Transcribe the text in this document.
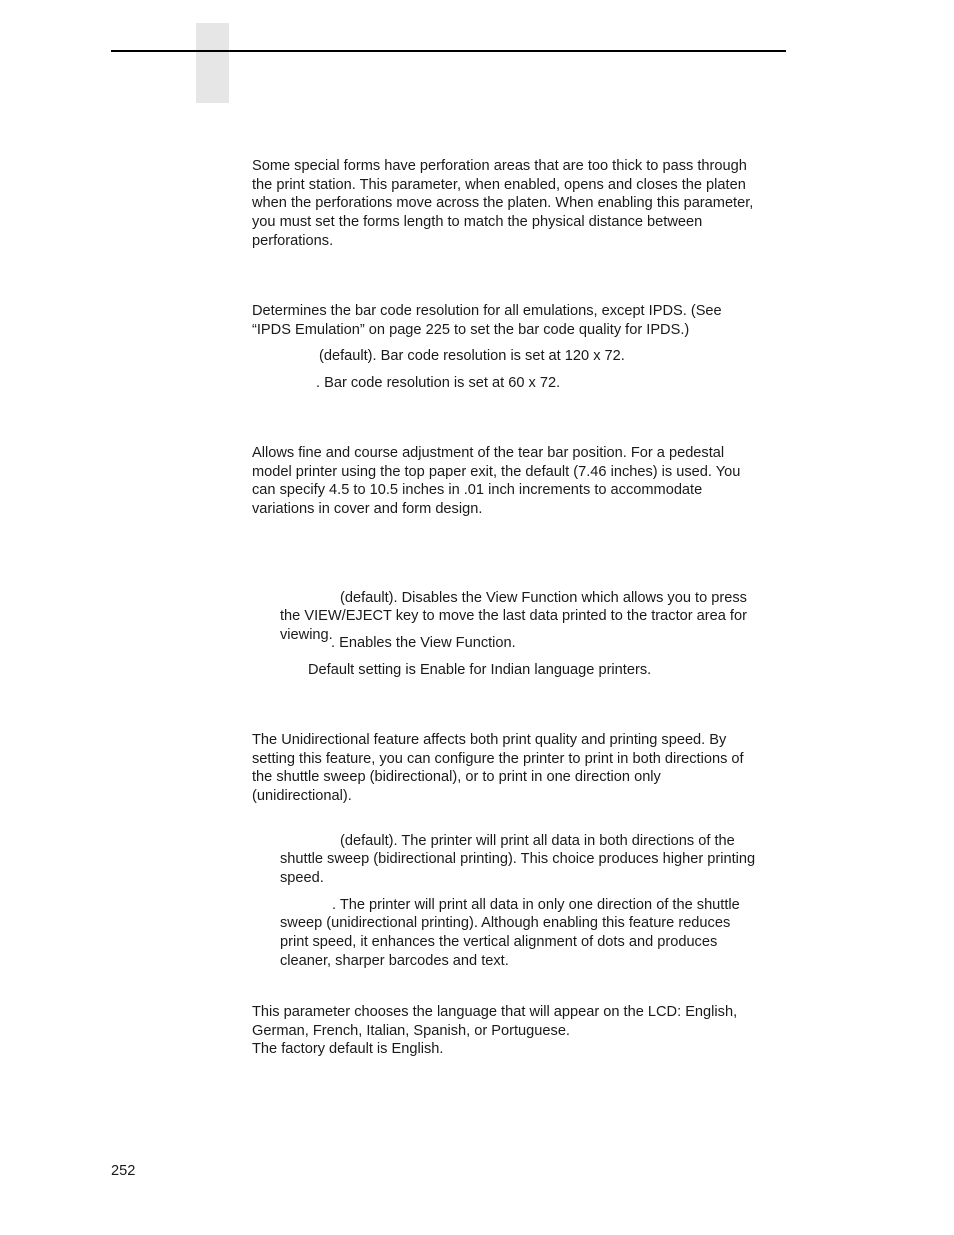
Some special forms have perforation areas that are too thick to pass through
the print station. This parameter, when enabled, opens and closes the platen
when the perforations move across the platen. When enabling this parameter,
you must set the forms length to match the physical distance between
perforations.

Determines the bar code resolution for all emulations, except IPDS. (See
“IPDS Emulation” on page 225 to set the bar code quality for IPDS.)

(default). Bar code resolution is set at 120 x 72.

. Bar code resolution is set at 60 x 72.

Allows fine and course adjustment of the tear bar position. For a pedestal
model printer using the top paper exit, the default (7.46 inches) is used. You
can specify 4.5 to 10.5 inches in .01 inch increments to accommodate
variations in cover and form design.

(default). Disables the View Function which allows you to press
the VIEW/EJECT key to move the last data printed to the tractor area for
viewing.

. Enables the View Function.

Default setting is Enable for Indian language printers.

The Unidirectional feature affects both print quality and printing speed. By
setting this feature, you can configure the printer to print in both directions of
the shuttle sweep (bidirectional), or to print in one direction only
(unidirectional).

(default). The printer will print all data in both directions of the
shuttle sweep (bidirectional printing). This choice produces higher printing
speed.

. The printer will print all data in only one direction of the shuttle
sweep (unidirectional printing). Although enabling this feature reduces
print speed, it enhances the vertical alignment of dots and produces
cleaner, sharper barcodes and text.

This parameter chooses the language that will appear on the LCD: English,
German, French, Italian, Spanish, or Portuguese.
The factory default is English.

252
